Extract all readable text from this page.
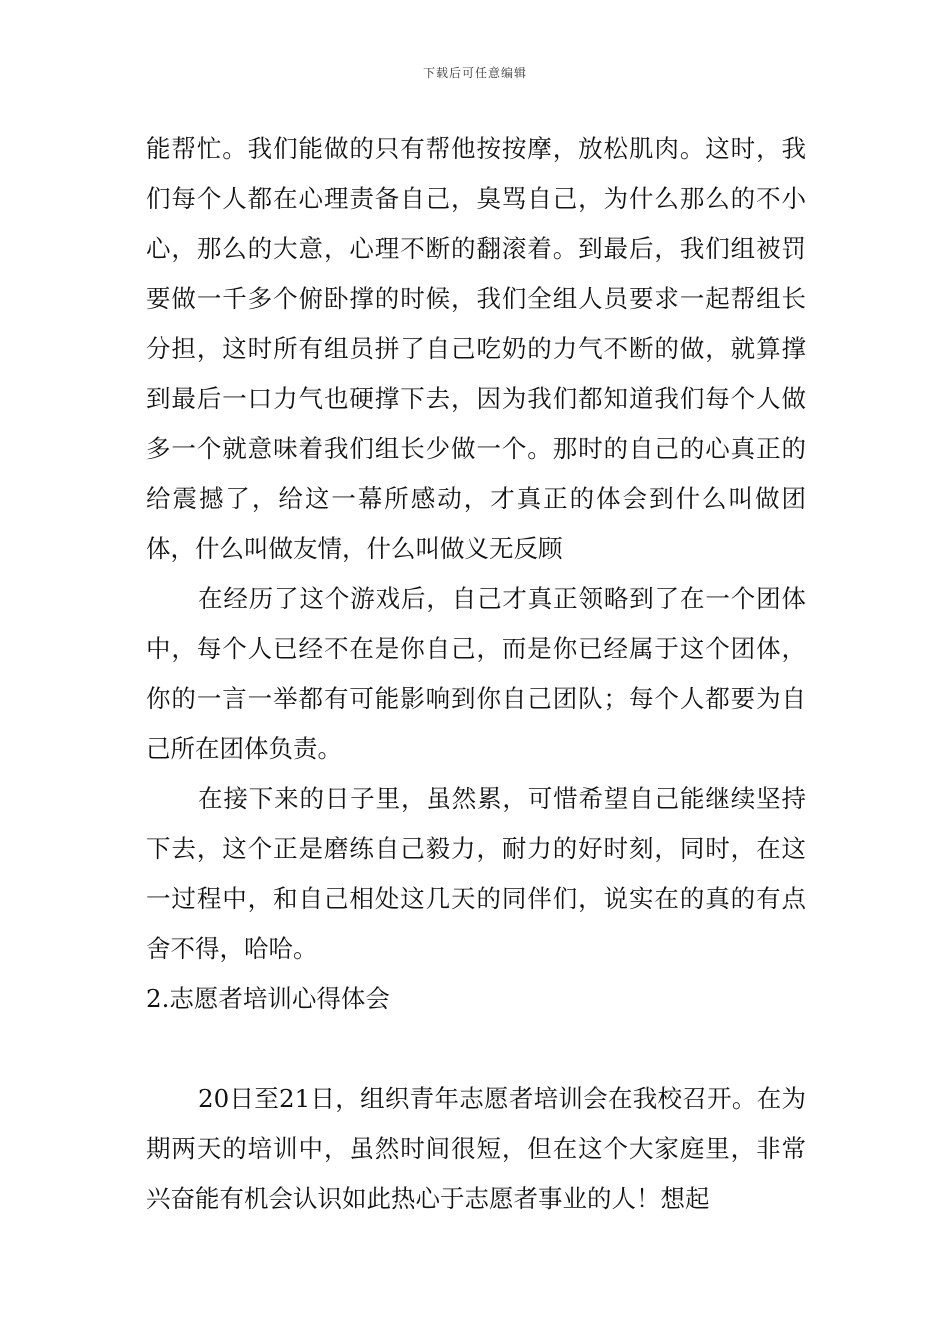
下载后可任意编辑

能帮忙。我们能做的只有帮他按按摩，放松肌肉。这时，我们每个人都在心理责备自己，臭骂自己，为什么那么的不小心，那么的大意，心理不断的翻滚着。到最后，我们组被罚要做一千多个俯卧撑的时候，我们全组人员要求一起帮组长分担，这时所有组员拼了自己吃奶的力气不断的做，就算撑到最后一口力气也硬撑下去，因为我们都知道我们每个人做多一个就意味着我们组长少做一个。那时的自己的心真正的给震撼了，给这一幕所感动，才真正的体会到什么叫做团体，什么叫做友情，什么叫做义无反顾

在经历了这个游戏后，自己才真正领略到了在一个团体中，每个人已经不在是你自己，而是你已经属于这个团体，你的一言一举都有可能影响到你自己团队；每个人都要为自己所在团体负责。

在接下来的日子里，虽然累，可惜希望自己能继续坚持下去，这个正是磨练自己毅力，耐力的好时刻，同时，在这一过程中，和自己相处这几天的同伴们，说实在的真的有点舍不得，哈哈。

2.志愿者培训心得体会

20日至21日，组织青年志愿者培训会在我校召开。在为期两天的培训中，虽然时间很短，但在这个大家庭里，非常兴奋能有机会认识如此热心于志愿者事业的人！想起
